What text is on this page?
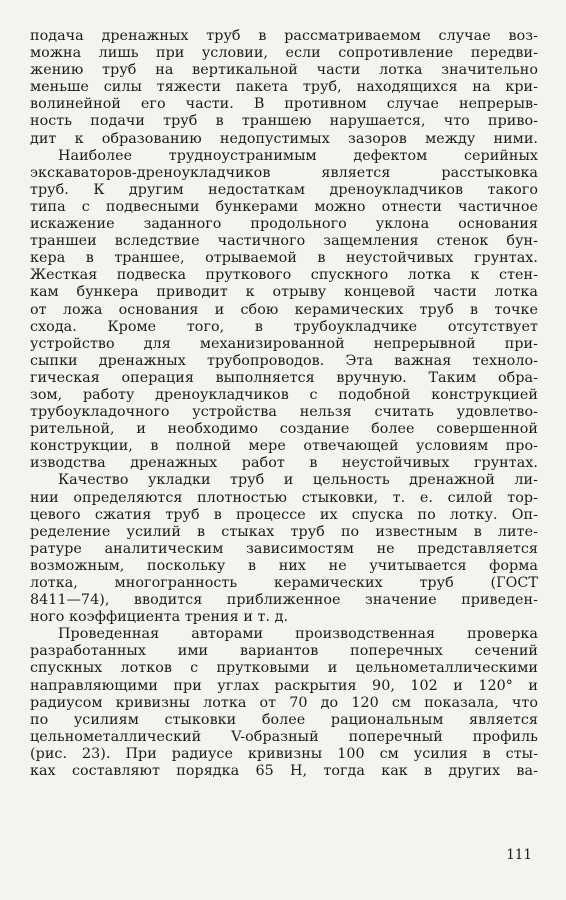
подача дренажных труб в рассматриваемом случае воз-
можна лишь при условии, если сопротивление передви-
жению труб на вертикальной части лотка значительно
меньше силы тяжести пакета труб, находящихся на кри-
волинейной его части. В противном случае непрерыв-
ность подачи труб в траншею нарушается, что приво-
дит к образованию недопустимых зазоров между ними.
Наиболее трудноустранимым дефектом серийных
экскаваторов-дреноукладчиков является расстыковка
труб. К другим недостаткам дреноукладчиков такого
типа с подвесными бункерами можно отнести частичное
искажение заданного продольного уклона основания
траншеи вследствие частичного защемления стенок бун-
кера в траншее, отрываемой в неустойчивых грунтах.
Жесткая подвеска пруткового спускного лотка к стен-
кам бункера приводит к отрыву концевой части лотка
от ложа основания и сбою керамических труб в точке
схода. Кроме того, в трубоукладчике отсутствует
устройство для механизированной непрерывной при-
сыпки дренажных трубопроводов. Эта важная техноло-
гическая операция выполняется вручную. Таким обра-
зом, работу дреноукладчиков с подобной конструкцией
трубоукладочного устройства нельзя считать удовлетво-
рительной, и необходимо создание более совершенной
конструкции, в полной мере отвечающей условиям про-
изводства дренажных работ в неустойчивых грунтах.
Качество укладки труб и цельность дренажной ли-
нии определяются плотностью стыковки, т. е. силой тор-
цевого сжатия труб в процессе их спуска по лотку. Оп-
ределение усилий в стыках труб по известным в лите-
ратуре аналитическим зависимостям не представляется
возможным, поскольку в них не учитывается форма
лотка, многогранность керамических труб (ГОСТ
8411—74), вводится приближенное значение приведен-
ного коэффициента трения и т. д.
Проведенная авторами производственная проверка
разработанных ими вариантов поперечных сечений
спускных лотков с прутковыми и цельнометаллическими
направляющими при углах раскрытия 90, 102 и 120° и
радиусом кривизны лотка от 70 до 120 см показала, что
по усилиям стыковки более рациональным является
цельнометаллический V-образный поперечный профиль
(рис. 23). При радиусе кривизны 100 см усилия в сты-
ках составляют порядка 65 Н, тогда как в других ва-
111
